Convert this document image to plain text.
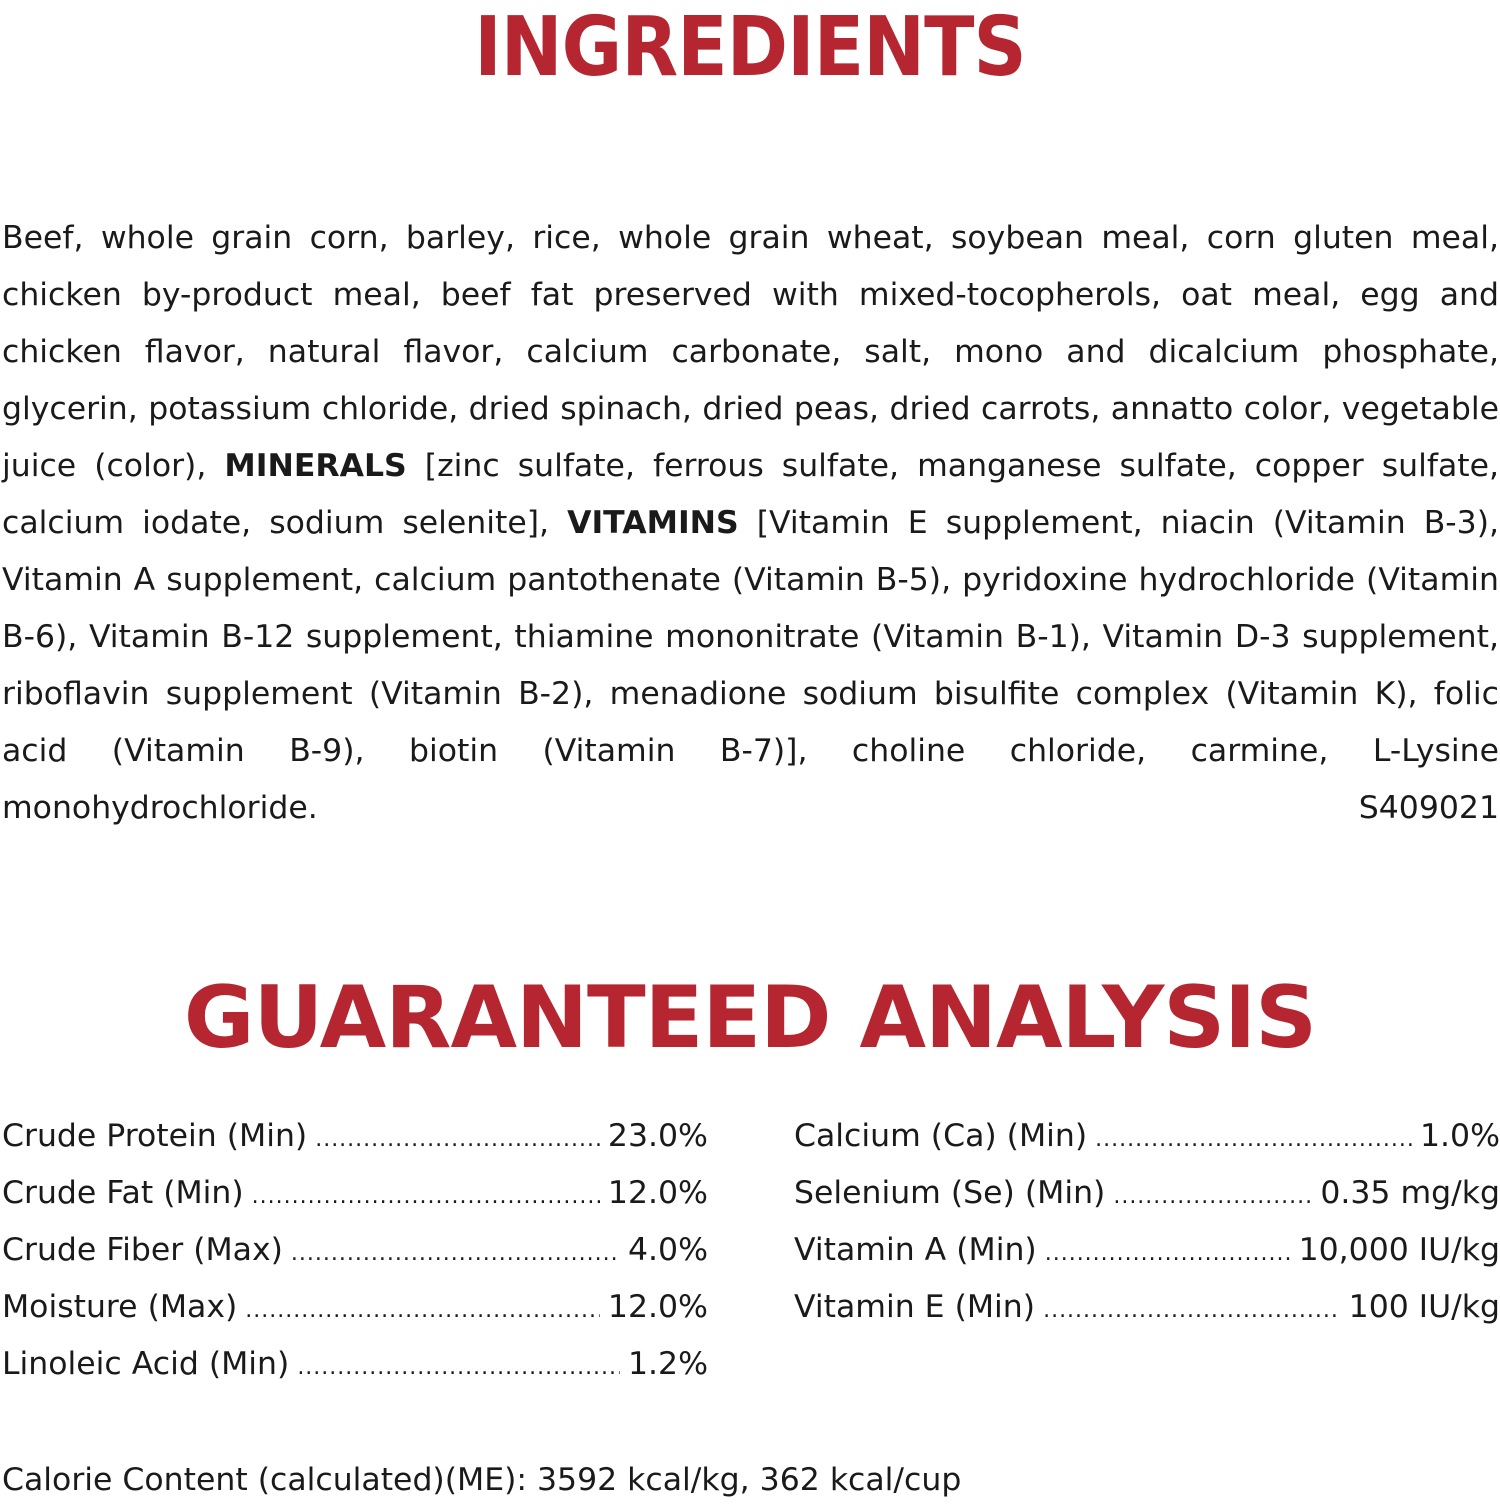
INGREDIENTS

Beef, whole grain corn, barley, rice, whole grain wheat, soybean meal, corn gluten meal, chicken by-product meal, beef fat preserved with mixed-tocopherols, oat meal, egg and chicken flavor, natural flavor, calcium carbonate, salt, mono and dicalcium phosphate, glycerin, potassium chloride, dried spinach, dried peas, dried carrots, annatto color, vegetable juice (color), MINERALS [zinc sulfate, ferrous sulfate, manganese sulfate, copper sulfate, calcium iodate, sodium selenite], VITAMINS [Vitamin E supplement, niacin (Vitamin B-3), Vitamin A supplement, calcium pantothenate (Vitamin B-5), pyridoxine hydrochloride (Vitamin B-6), Vitamin B-12 supplement, thiamine mononitrate (Vitamin B-1), Vitamin D-3 supplement, riboflavin supplement (Vitamin B-2), menadione sodium bisulfite complex (Vitamin K), folic acid (Vitamin B-9), biotin (Vitamin B-7)], choline chloride, carmine, L-Lysine monohydrochloride.	S409021

GUARANTEED ANALYSIS
Crude Protein (Min) .....	23.0%
Crude Fat (Min) .....	12.0%
Crude Fiber (Max) .....	4.0%
Moisture (Max) .....	12.0%
Linoleic Acid (Min) .....	1.2%
Calcium (Ca) (Min) .....	1.0%
Selenium (Se) (Min) .....	0.35 mg/kg
Vitamin A (Min) .....	10,000 IU/kg
Vitamin E (Min) .....	100 IU/kg

Calorie Content (calculated)(ME): 3592 kcal/kg, 362 kcal/cup
